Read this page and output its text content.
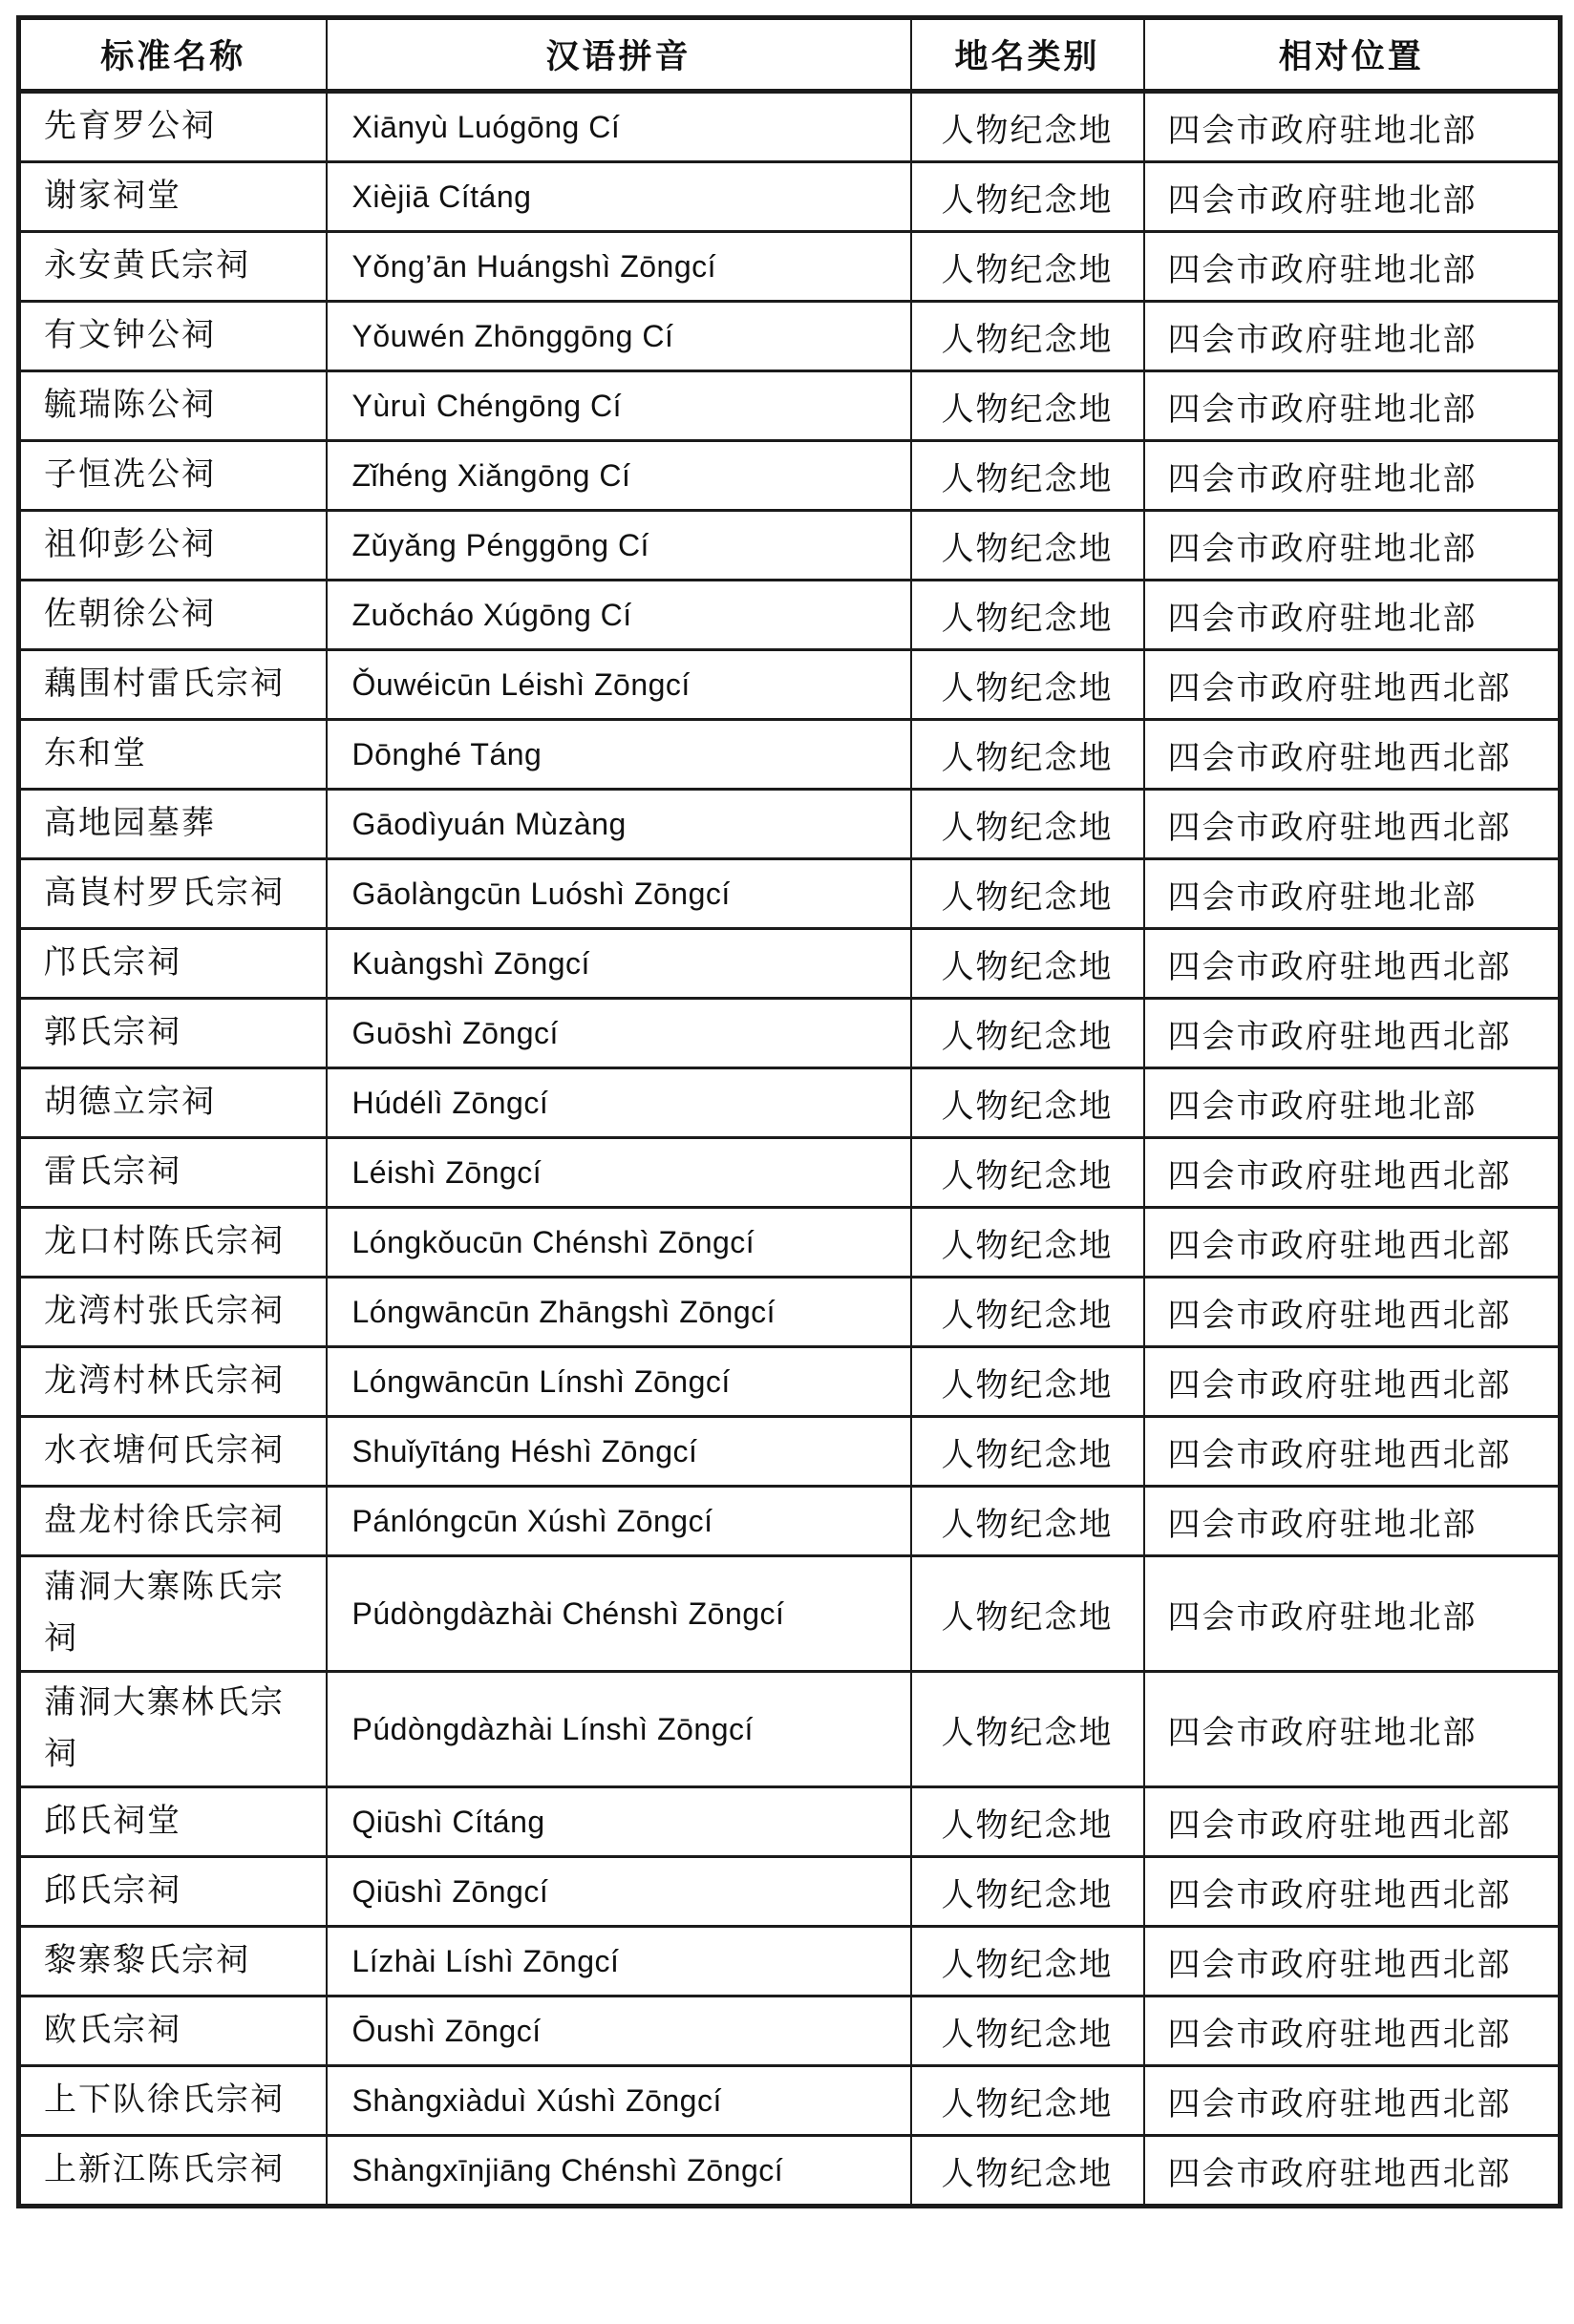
标准名称	汉语拼音	地名类别	相对位置
先育罗公祠	Xiānyù Luógōng Cí	人物纪念地	四会市政府驻地北部
谢家祠堂	Xièjiā Cítáng	人物纪念地	四会市政府驻地北部
永安黄氏宗祠	Yǒng’ān Huángshì Zōngcí	人物纪念地	四会市政府驻地北部
有文钟公祠	Yǒuwén Zhōnggōng Cí	人物纪念地	四会市政府驻地北部
毓瑞陈公祠	Yùruì Chéngōng Cí	人物纪念地	四会市政府驻地北部
子恒冼公祠	Zǐhéng Xiǎngōng Cí	人物纪念地	四会市政府驻地北部
祖仰彭公祠	Zǔyǎng Pénggōng Cí	人物纪念地	四会市政府驻地北部
佐朝徐公祠	Zuǒcháo Xúgōng Cí	人物纪念地	四会市政府驻地北部
藕围村雷氏宗祠	Ǒuwéicūn Léishì Zōngcí	人物纪念地	四会市政府驻地西北部
东和堂	Dōnghé Táng	人物纪念地	四会市政府驻地西北部
高地园墓葬	Gāodìyuán Mùzàng	人物纪念地	四会市政府驻地西北部
高崀村罗氏宗祠	Gāolàngcūn Luóshì Zōngcí	人物纪念地	四会市政府驻地北部
邝氏宗祠	Kuàngshì Zōngcí	人物纪念地	四会市政府驻地西北部
郭氏宗祠	Guōshì Zōngcí	人物纪念地	四会市政府驻地西北部
胡德立宗祠	Húdélì Zōngcí	人物纪念地	四会市政府驻地北部
雷氏宗祠	Léishì Zōngcí	人物纪念地	四会市政府驻地西北部
龙口村陈氏宗祠	Lóngkǒucūn Chénshì Zōngcí	人物纪念地	四会市政府驻地西北部
龙湾村张氏宗祠	Lóngwāncūn Zhāngshì Zōngcí	人物纪念地	四会市政府驻地西北部
龙湾村林氏宗祠	Lóngwāncūn Línshì Zōngcí	人物纪念地	四会市政府驻地西北部
水衣塘何氏宗祠	Shuǐyītáng Héshì Zōngcí	人物纪念地	四会市政府驻地西北部
盘龙村徐氏宗祠	Pánlóngcūn Xúshì Zōngcí	人物纪念地	四会市政府驻地北部
蒲洞大寨陈氏宗祠	Púdòngdàzhài Chénshì Zōngcí	人物纪念地	四会市政府驻地北部
蒲洞大寨林氏宗祠	Púdòngdàzhài Línshì Zōngcí	人物纪念地	四会市政府驻地北部
邱氏祠堂	Qiūshì Cítáng	人物纪念地	四会市政府驻地西北部
邱氏宗祠	Qiūshì Zōngcí	人物纪念地	四会市政府驻地西北部
黎寨黎氏宗祠	Lízhài Líshì Zōngcí	人物纪念地	四会市政府驻地西北部
欧氏宗祠	Ōushì Zōngcí	人物纪念地	四会市政府驻地西北部
上下队徐氏宗祠	Shàngxiàduì Xúshì Zōngcí	人物纪念地	四会市政府驻地西北部
上新江陈氏宗祠	Shàngxīnjiāng Chénshì Zōngcí	人物纪念地	四会市政府驻地西北部
